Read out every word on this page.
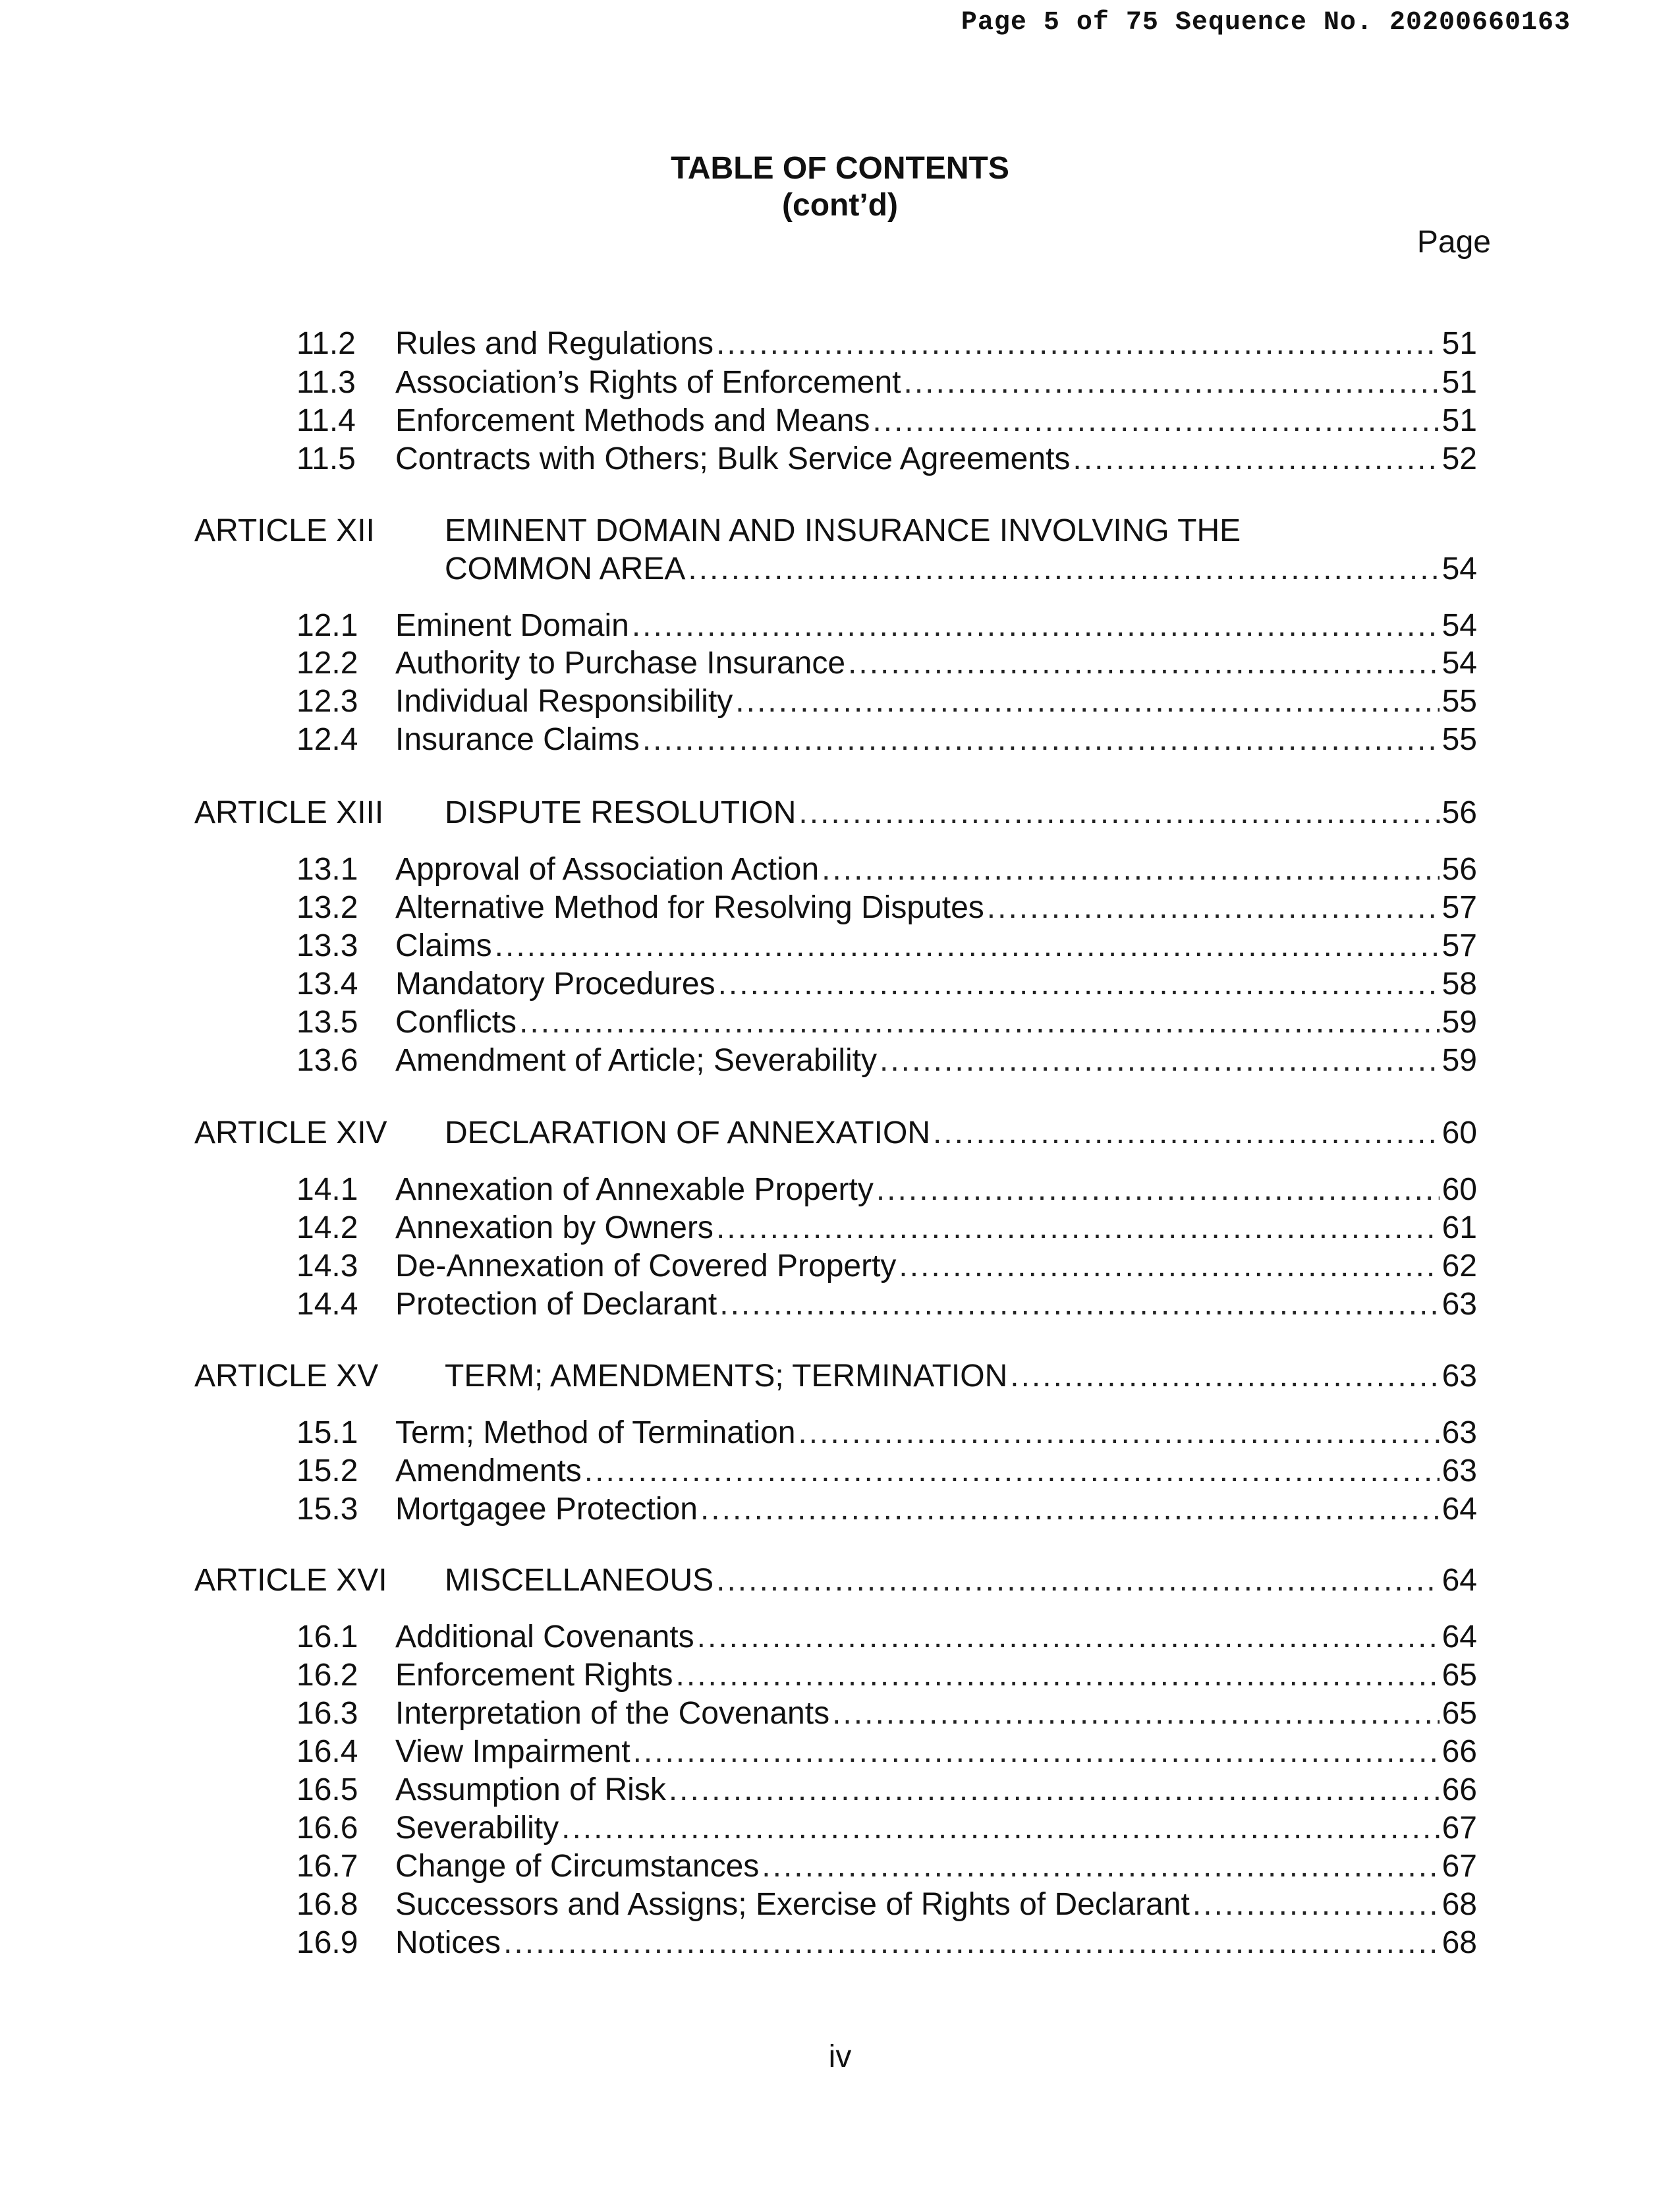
Page 5 of 75 Sequence No. 20200660163
TABLE OF CONTENTS
(cont’d)
Page
11.2 Rules and Regulations .....	51
11.3 Association’s Rights of Enforcement .....	51
11.4 Enforcement Methods and Means .....	51
11.5 Contracts with Others; Bulk Service Agreements .....	52
ARTICLE XII EMINENT DOMAIN AND INSURANCE INVOLVING THE
COMMON AREA .....	54
12.1 Eminent Domain .....	54
12.2 Authority to Purchase Insurance .....	54
12.3 Individual Responsibility .....	55
12.4 Insurance Claims .....	55
ARTICLE XIII DISPUTE RESOLUTION .....	56
13.1 Approval of Association Action .....	56
13.2 Alternative Method for Resolving Disputes .....	57
13.3 Claims .....	57
13.4 Mandatory Procedures .....	58
13.5 Conflicts .....	59
13.6 Amendment of Article; Severability .....	59
ARTICLE XIV DECLARATION OF ANNEXATION .....	60
14.1 Annexation of Annexable Property .....	60
14.2 Annexation by Owners .....	61
14.3 De-Annexation of Covered Property .....	62
14.4 Protection of Declarant .....	63
ARTICLE XV TERM; AMENDMENTS; TERMINATION .....	63
15.1 Term; Method of Termination .....	63
15.2 Amendments .....	63
15.3 Mortgagee Protection .....	64
ARTICLE XVI MISCELLANEOUS .....	64
16.1 Additional Covenants .....	64
16.2 Enforcement Rights .....	65
16.3 Interpretation of the Covenants .....	65
16.4 View Impairment .....	66
16.5 Assumption of Risk .....	66
16.6 Severability .....	67
16.7 Change of Circumstances .....	67
16.8 Successors and Assigns; Exercise of Rights of Declarant .....	68
16.9 Notices .....	68
iv
